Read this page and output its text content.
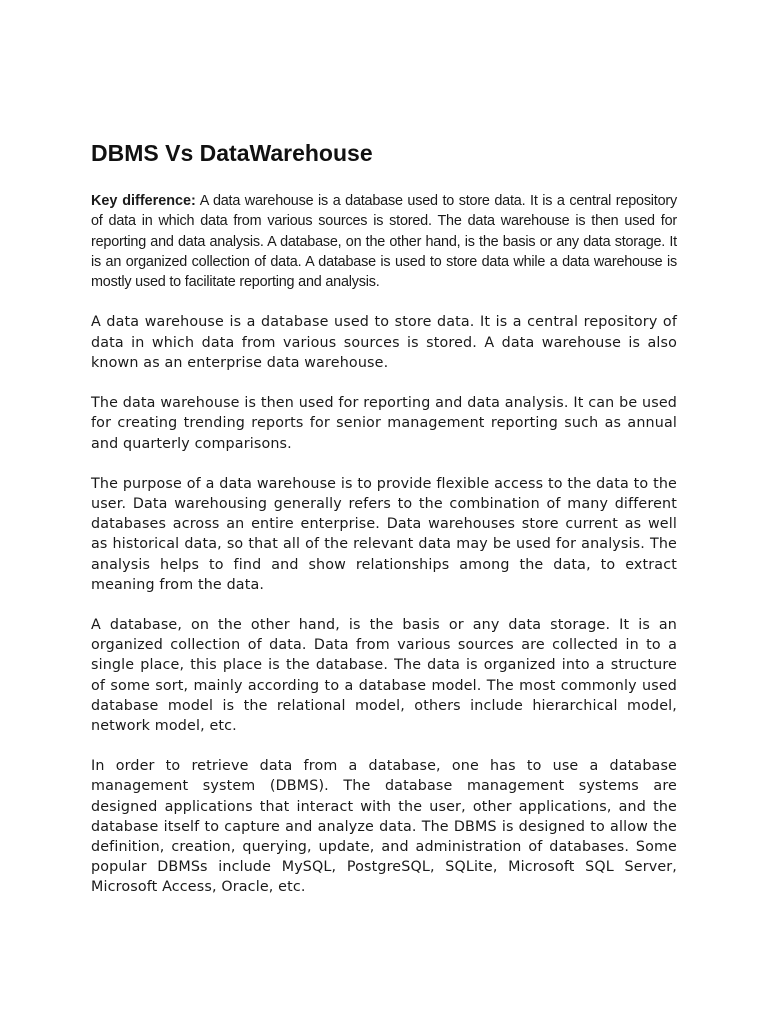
DBMS Vs DataWarehouse

Key difference: A data warehouse is a database used to store data. It is a central repository of data in which data from various sources is stored. The data warehouse is then used for reporting and data analysis. A database, on the other hand, is the basis or any data storage. It is an organized collection of data. A database is used to store data while a data warehouse is mostly used to facilitate reporting and analysis.

A data warehouse is a database used to store data. It is a central repository of data in which data from various sources is stored. A data warehouse is also known as an enterprise data warehouse.

The data warehouse is then used for reporting and data analysis. It can be used for creating trending reports for senior management reporting such as annual and quarterly comparisons.

The purpose of a data warehouse is to provide flexible access to the data to the user. Data warehousing generally refers to the combination of many different databases across an entire enterprise. Data warehouses store current as well as historical data, so that all of the relevant data may be used for analysis. The analysis helps to find and show relationships among the data, to extract meaning from the data.

A database, on the other hand, is the basis or any data storage. It is an organized collection of data. Data from various sources are collected in to a single place, this place is the database. The data is organized into a structure of some sort, mainly according to a database model. The most commonly used database model is the relational model, others include hierarchical model, network model, etc.

In order to retrieve data from a database, one has to use a database management system (DBMS). The database management systems are designed applications that interact with the user, other applications, and the database itself to capture and analyze data. The DBMS is designed to allow the definition, creation, querying, update, and administration of databases. Some popular DBMSs include MySQL, PostgreSQL, SQLite, Microsoft SQL Server, Microsoft Access, Oracle, etc.
